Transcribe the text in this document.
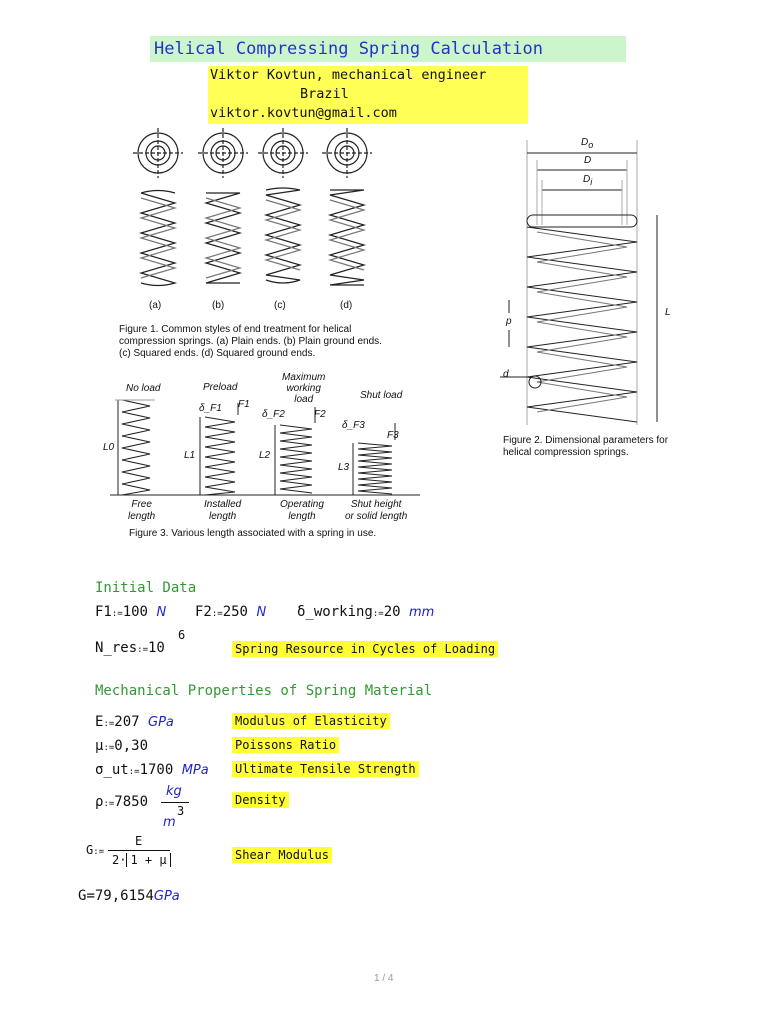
Helical Compressing Spring Calculation
Viktor Kovtun, mechanical engineer
Brazil
viktor.kovtun@gmail.com
(a)	(b)	(c)	(d)
Figure 1. Common styles of end treatment for helical
compression springs. (a) Plain ends. (b) Plain ground ends.
(c) Squared ends. (d) Squared ground ends.
$D_o$
D
$D_i$
p
d
L
Figure 2. Dimensional parameters for
helical compression springs.
No load	Preload
Maximum
working
load	Shut load
δ_F1 F1
δ_F2	F2
δ_F3
F3
L0
L1	L2
L3
Free
length
Installed
length
Operating
length
Shut height
or solid length
Figure 3. Various length associated with a spring in use.
Initial Data
F1:=100 N F2:=250 N δ_working:=20 mm
N_res:=10
6
Spring Resource in Cycles of Loading
Mechanical Properties of Spring Material
E:=207 GPa	Modulus of Elasticity
μ:=0,30	Poissons Ratio
σ_ut:=1700 MPa Ultimate Tensile Strength
ρ:=7850
kg
m
3
Density
G:=
E
2· 1 + μ	Shear Modulus
G=79,6154GPa
1 / 4
